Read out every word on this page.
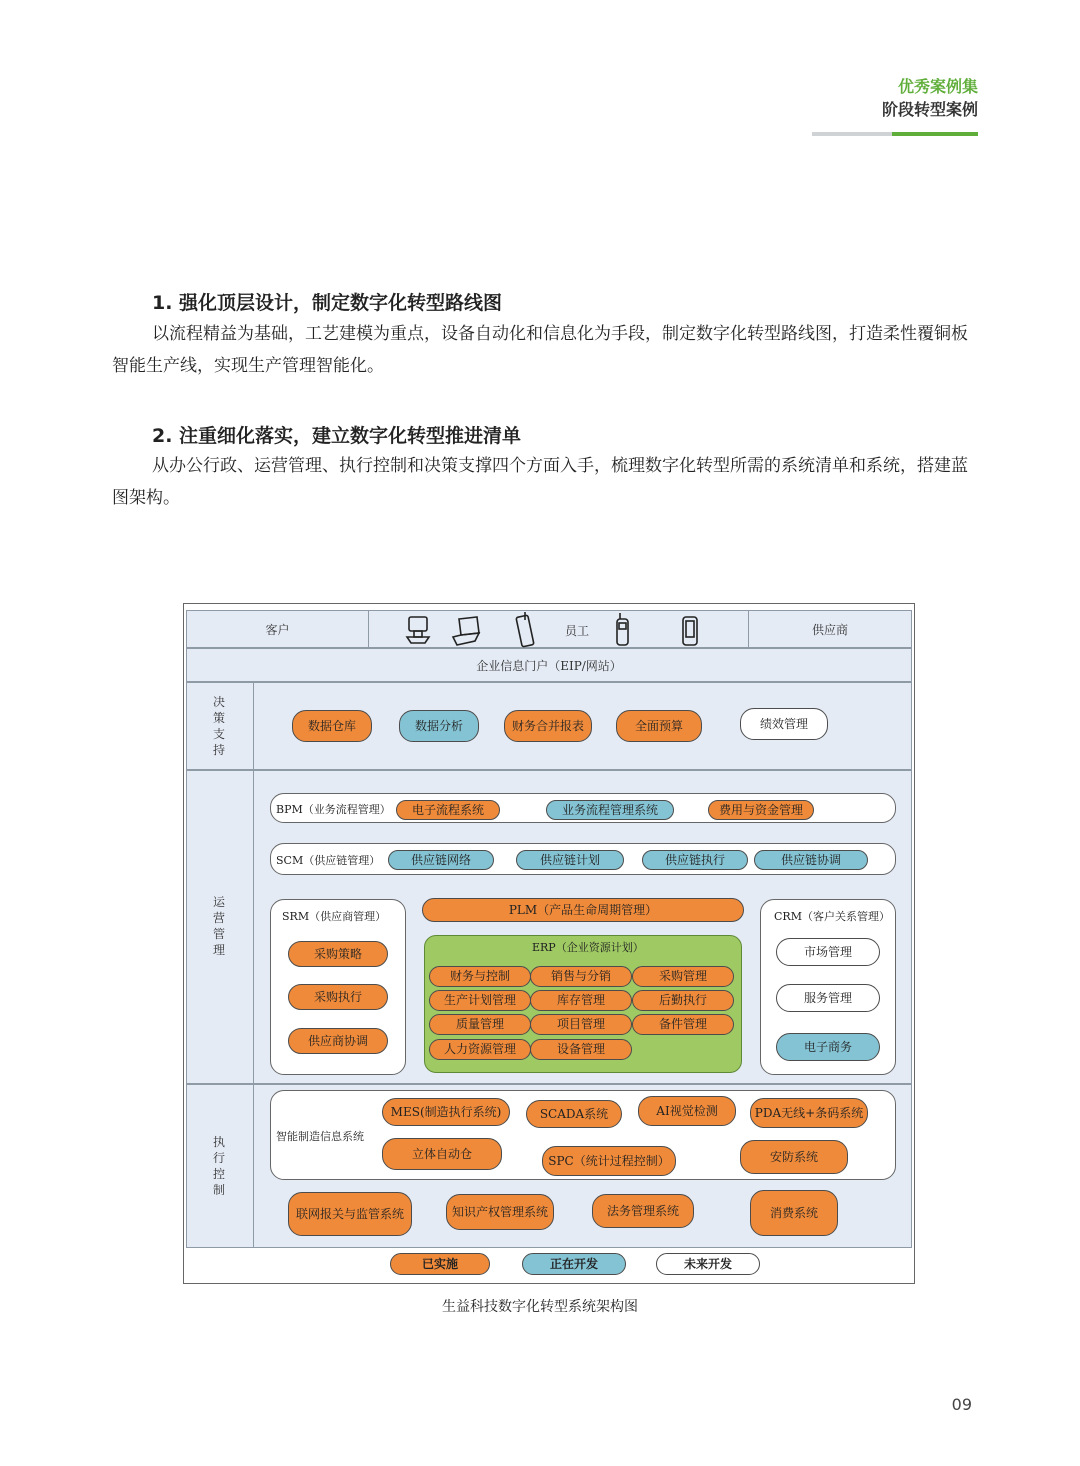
优秀案例集
阶段转型案例
1. 强化顶层设计，制定数字化转型路线图
以流程精益为基础，工艺建模为重点，设备自动化和信息化为手段，制定数字化转型路线图，打造柔性覆铜板智能生产线，实现生产管理智能化。
2. 注重细化落实，建立数字化转型推进清单
从办公行政、运营管理、执行控制和决策支撑四个方面入手，梳理数字化转型所需的系统清单和系统，搭建蓝图架构。
客户	员工	供应商
企业信息门户（EIP/网站）
决策支持
数据仓库	数据分析	财务合并报表	全面预算	绩效管理
运营管理
BPM（业务流程管理）	电子流程系统	业务流程管理系统	费用与资金管理
SCM（供应链管理）	供应链网络	供应链计划	供应链执行	供应链协调
SRM（供应商管理）
采购策略
采购执行
供应商协调
PLM（产品生命周期管理）
ERP（企业资源计划）
财务与控制	销售与分销	采购管理
生产计划管理	库存管理	后勤执行
质量管理	项目管理	备件管理
人力资源管理	设备管理
CRM（客户关系管理）
市场管理
服务管理
电子商务
执行控制
智能制造信息系统
MES(制造执行系统)	SCADA系统	AI视觉检测	PDA无线+条码系统
立体自动仓	SPC（统计过程控制）	安防系统
联网报关与监管系统	知识产权管理系统	法务管理系统	消费系统
已实施	正在开发	未来开发
生益科技数字化转型系统架构图
09
